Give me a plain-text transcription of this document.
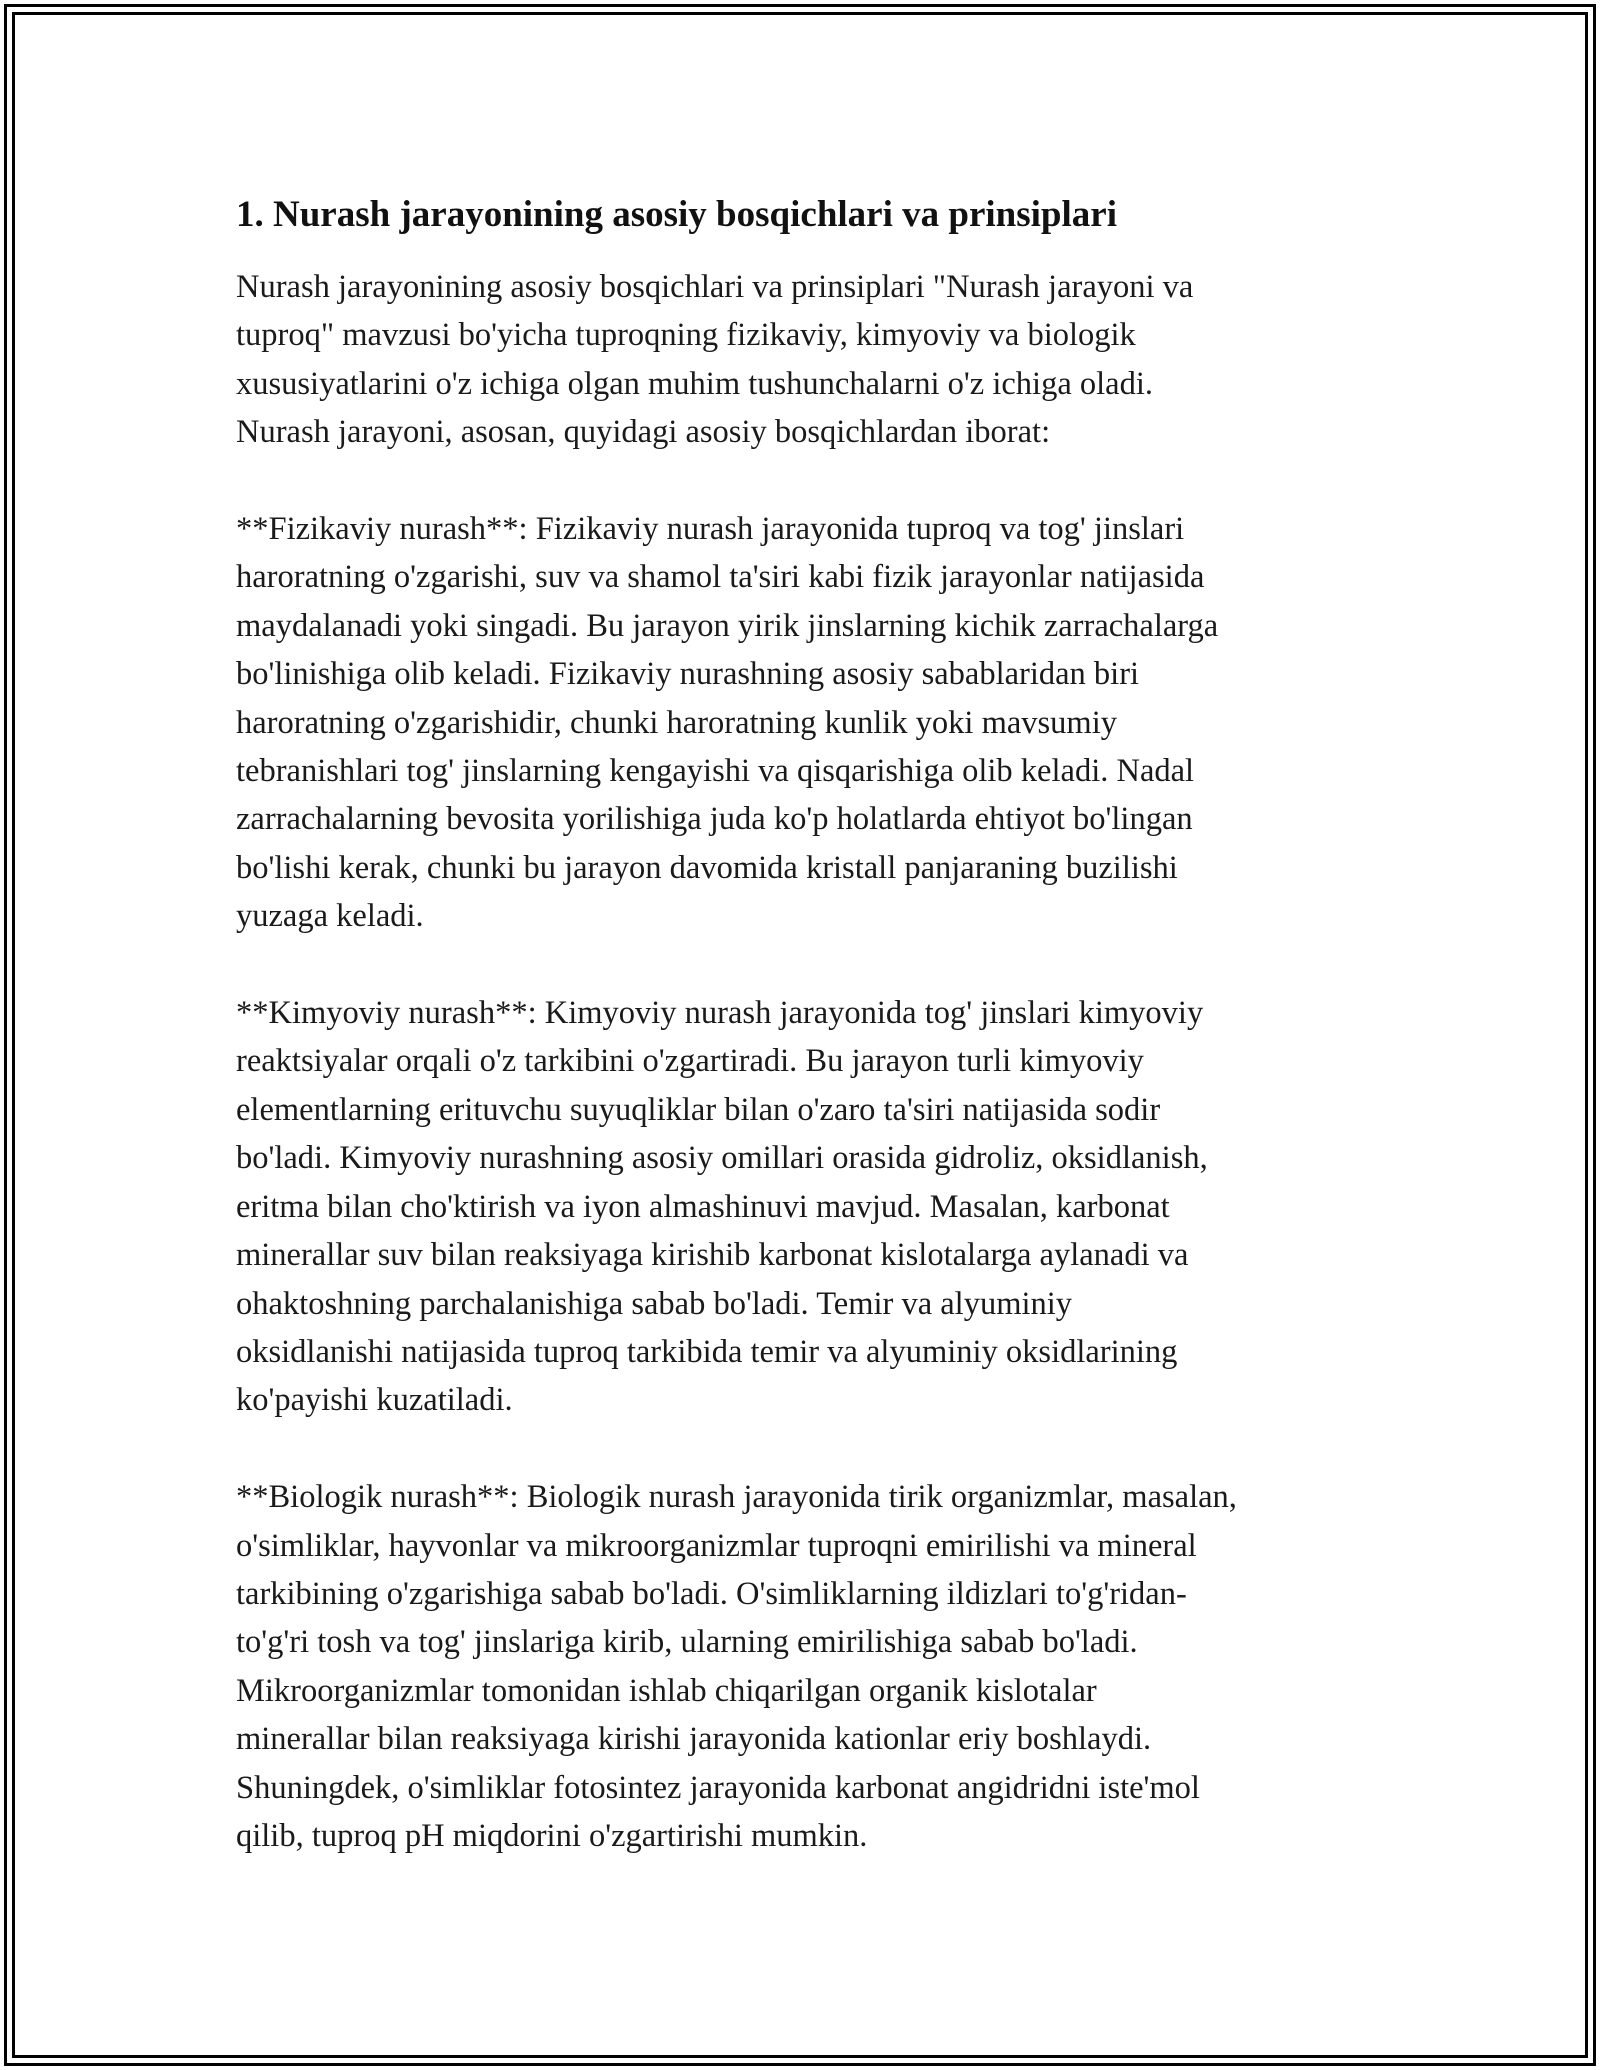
1. Nurash jarayonining asosiy bosqichlari va prinsiplari

Nurash jarayonining asosiy bosqichlari va prinsiplari "Nurash jarayoni va
tuproq" mavzusi bo'yicha tuproqning fizikaviy, kimyoviy va biologik
xususiyatlarini o'z ichiga olgan muhim tushunchalarni o'z ichiga oladi.
Nurash jarayoni, asosan, quyidagi asosiy bosqichlardan iborat:

**Fizikaviy nurash**: Fizikaviy nurash jarayonida tuproq va tog' jinslari
haroratning o'zgarishi, suv va shamol ta'siri kabi fizik jarayonlar natijasida
maydalanadi yoki singadi. Bu jarayon yirik jinslarning kichik zarrachalarga
bo'linishiga olib keladi. Fizikaviy nurashning asosiy sabablaridan biri
haroratning o'zgarishidir, chunki haroratning kunlik yoki mavsumiy
tebranishlari tog' jinslarning kengayishi va qisqarishiga olib keladi. Nadal
zarrachalarning bevosita yorilishiga juda ko'p holatlarda ehtiyot bo'lingan
bo'lishi kerak, chunki bu jarayon davomida kristall panjaraning buzilishi
yuzaga keladi.

**Kimyoviy nurash**: Kimyoviy nurash jarayonida tog' jinslari kimyoviy
reaktsiyalar orqali o'z tarkibini o'zgartiradi. Bu jarayon turli kimyoviy
elementlarning erituvchu suyuqliklar bilan o'zaro ta'siri natijasida sodir
bo'ladi. Kimyoviy nurashning asosiy omillari orasida gidroliz, oksidlanish,
eritma bilan cho'ktirish va iyon almashinuvi mavjud. Masalan, karbonat
minerallar suv bilan reaksiyaga kirishib karbonat kislotalarga aylanadi va
ohaktoshning parchalanishiga sabab bo'ladi. Temir va alyuminiy
oksidlanishi natijasida tuproq tarkibida temir va alyuminiy oksidlarining
ko'payishi kuzatiladi.

**Biologik nurash**: Biologik nurash jarayonida tirik organizmlar, masalan,
o'simliklar, hayvonlar va mikroorganizmlar tuproqni emirilishi va mineral
tarkibining o'zgarishiga sabab bo'ladi. O'simliklarning ildizlari to'g'ridan-
to'g'ri tosh va tog' jinslariga kirib, ularning emirilishiga sabab bo'ladi.
Mikroorganizmlar tomonidan ishlab chiqarilgan organik kislotalar
minerallar bilan reaksiyaga kirishi jarayonida kationlar eriy boshlaydi.
Shuningdek, o'simliklar fotosintez jarayonida karbonat angidridni iste'mol
qilib, tuproq pH miqdorini o'zgartirishi mumkin.
